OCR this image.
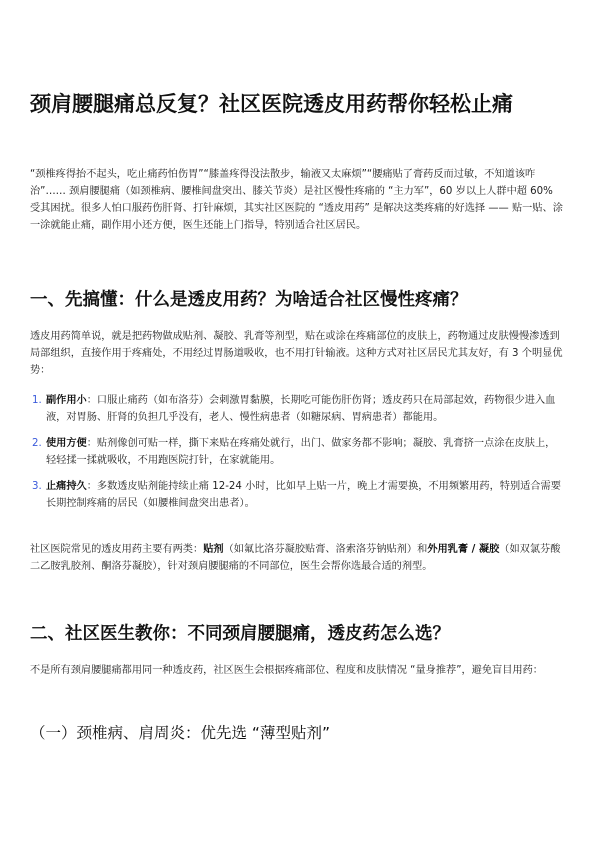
颈肩腰腿痛总反复？社区医院透皮用药帮你轻松止痛

“颈椎疼得抬不起头，吃止痛药怕伤胃”“膝盖疼得没法散步，输液又太麻烦”“腰痛贴了膏药反而过敏，不知道该咋治”…… 颈肩腰腿痛（如颈椎病、腰椎间盘突出、膝关节炎）是社区慢性疼痛的 “主力军”，60 岁以上人群中超 60% 受其困扰。很多人怕口服药伤肝肾、打针麻烦，其实社区医院的 “透皮用药” 是解决这类疼痛的好选择 —— 贴一贴、涂一涂就能止痛，副作用小还方便，医生还能上门指导，特别适合社区居民。

一、先搞懂：什么是透皮用药？为啥适合社区慢性疼痛？

透皮用药简单说，就是把药物做成贴剂、凝胶、乳膏等剂型，贴在或涂在疼痛部位的皮肤上，药物通过皮肤慢慢渗透到局部组织，直接作用于疼痛处，不用经过胃肠道吸收，也不用打针输液。这种方式对社区居民尤其友好，有 3 个明显优势：

1. 副作用小：口服止痛药（如布洛芬）会刺激胃黏膜，长期吃可能伤肝伤肾；透皮药只在局部起效，药物很少进入血液，对胃肠、肝肾的负担几乎没有，老人、慢性病患者（如糖尿病、胃病患者）都能用。
2. 使用方便：贴剂像创可贴一样，撕下来贴在疼痛处就行，出门、做家务都不影响；凝胶、乳膏挤一点涂在皮肤上，轻轻揉一揉就吸收，不用跑医院打针，在家就能用。
3. 止痛持久：多数透皮贴剂能持续止痛 12-24 小时，比如早上贴一片，晚上才需要换，不用频繁用药，特别适合需要长期控制疼痛的居民（如腰椎间盘突出患者）。

社区医院常见的透皮用药主要有两类：贴剂（如氟比洛芬凝胶贴膏、洛索洛芬钠贴剂）和外用乳膏 / 凝胶（如双氯芬酸二乙胺乳胶剂、酮洛芬凝胶），针对颈肩腰腿痛的不同部位，医生会帮你选最合适的剂型。

二、社区医生教你：不同颈肩腰腿痛，透皮药怎么选？

不是所有颈肩腰腿痛都用同一种透皮药，社区医生会根据疼痛部位、程度和皮肤情况 “量身推荐”，避免盲目用药：

（一）颈椎病、肩周炎：优先选 “薄型贴剂”
